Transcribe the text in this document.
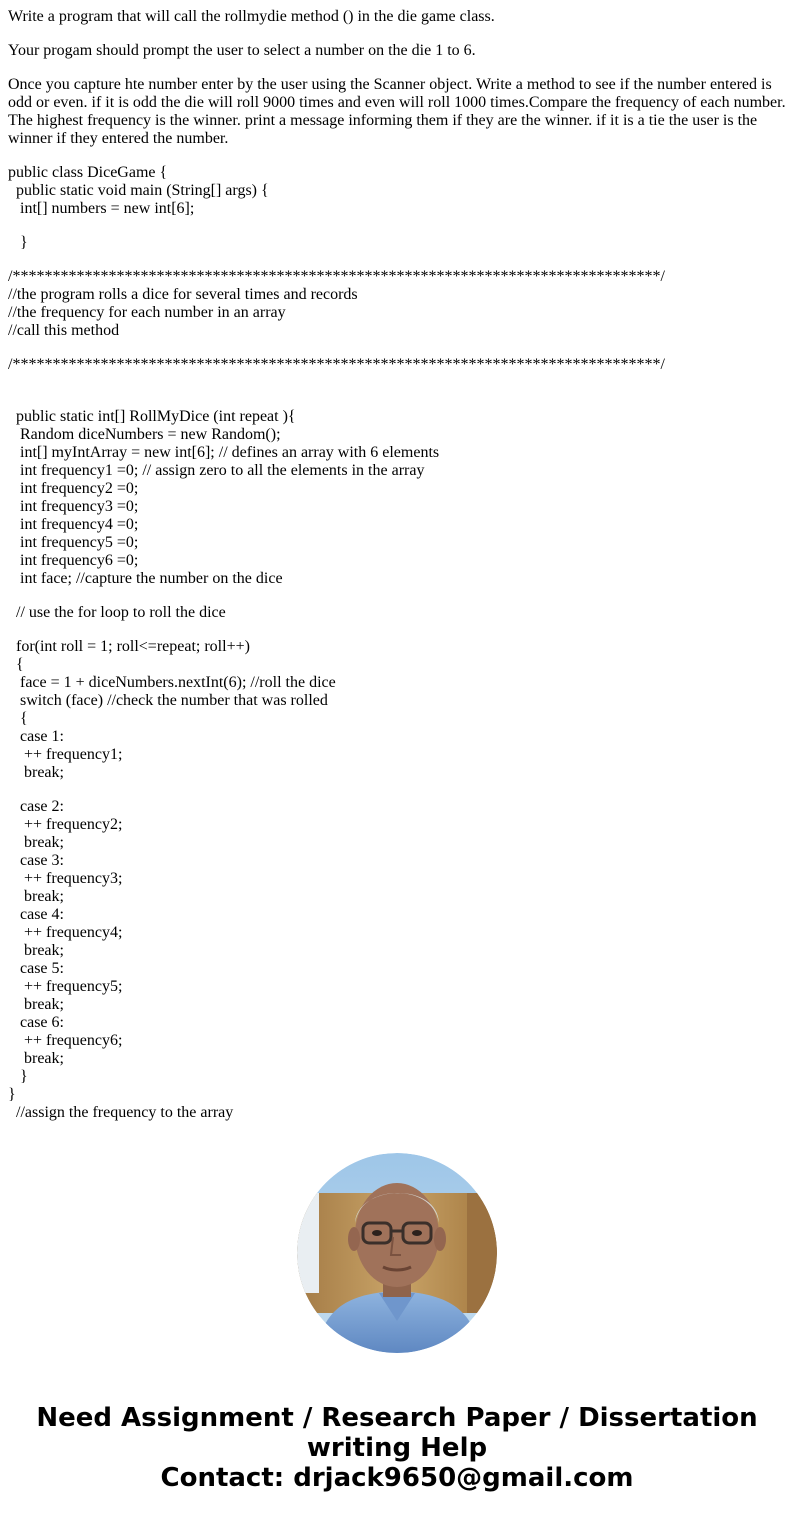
Write a program that will call the rollmydie method () in the die game class.

Your progam should prompt the user to select a number on the die 1 to 6.

Once you capture hte number enter by the user using the Scanner object. Write a method to see if the number entered is odd or even. if it is odd the die will roll 9000 times and even will roll 1000 times.Compare the frequency of each number. The highest frequency is the winner. print a message informing them if they are the winner. if it is a tie the user is the winner if they entered the number.

public class DiceGame {
public static void main (String[] args) {
int[] numbers = new int[6];
}
/*********************************************************************************/
//the program rolls a dice for several times and records
//the frequency for each number in an array
//call this method
/*********************************************************************************/
public static int[] RollMyDice (int repeat ){
Random diceNumbers = new Random();
int[] myIntArray = new int[6]; // defines an array with 6 elements
int frequency1 =0; // assign zero to all the elements in the array
int frequency2 =0;
int frequency3 =0;
int frequency4 =0;
int frequency5 =0;
int frequency6 =0;
int face; //capture the number on the dice
// use the for loop to roll the dice
for(int roll = 1; roll<=repeat; roll++)
{
face = 1 + diceNumbers.nextInt(6); //roll the dice
switch (face) //check the number that was rolled
{
case 1:
++ frequency1;
break;
case 2:
++ frequency2;
break;
case 3:
++ frequency3;
break;
case 4:
++ frequency4;
break;
case 5:
++ frequency5;
break;
case 6:
++ frequency6;
break;
}
}
//assign the frequency to the array
Need Assignment / Research Paper / Dissertation
writing Help
Contact: drjack9650@gmail.com
